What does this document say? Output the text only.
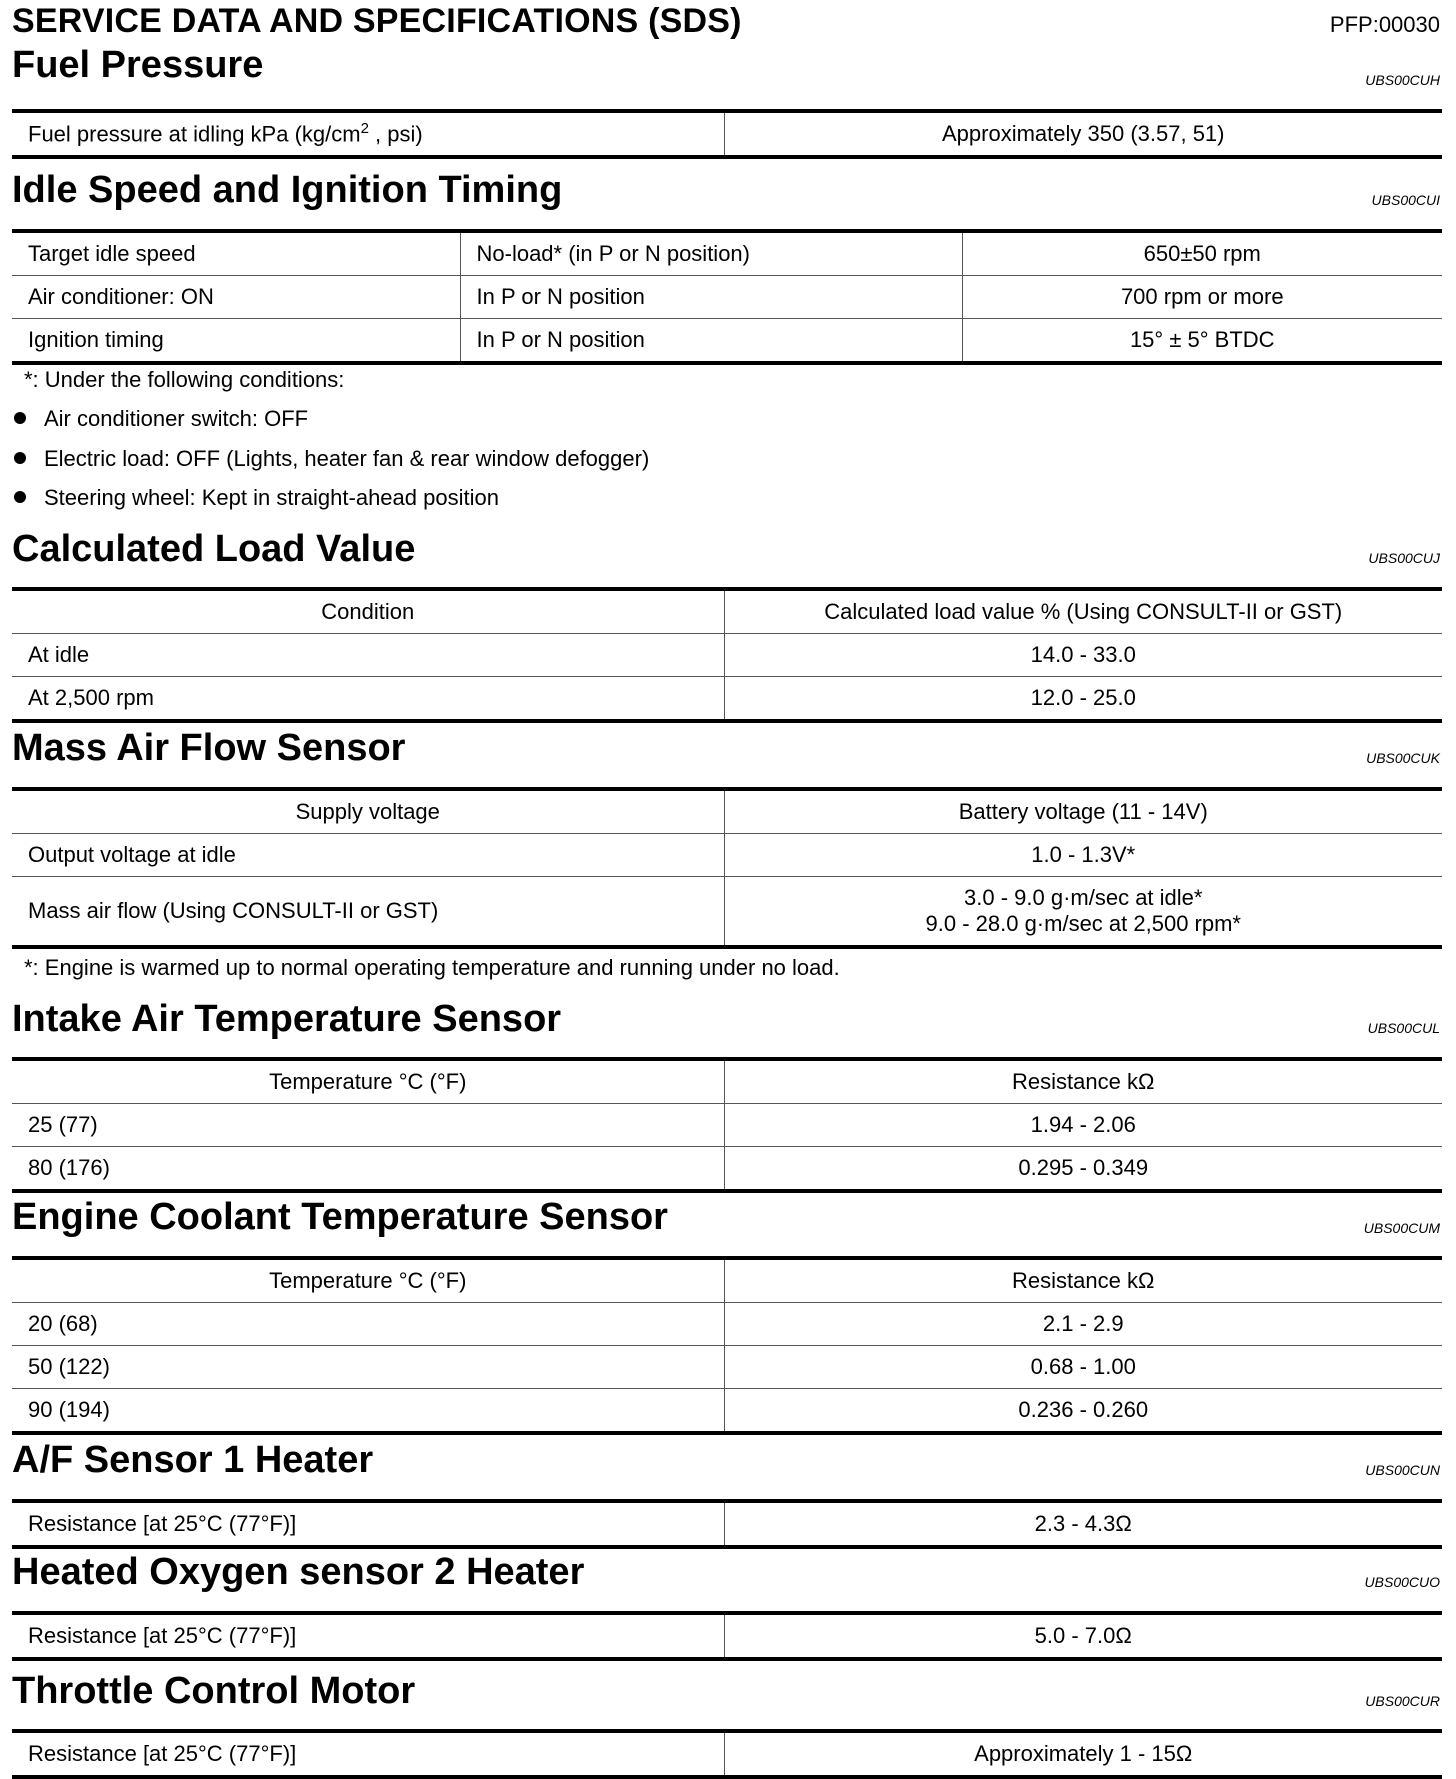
SERVICE DATA AND SPECIFICATIONS (SDS)	PFP:00030
Fuel Pressure	UBS00CUH
Fuel pressure at idling kPa ($kg/cm^2$ , psi)	Approximately 350 (3.57, 51)
Idle Speed and Ignition Timing	UBS00CUI
Target idle speed	No-load* (in P or N position)	650±50 rpm
Air conditioner: ON	In P or N position	700 rpm or more
Ignition timing	In P or N position	15° ± 5° BTDC
*: Under the following conditions:
Air conditioner switch: OFF
Electric load: OFF (Lights, heater fan & rear window defogger)
Steering wheel: Kept in straight-ahead position
Calculated Load Value	UBS00CUJ
Condition	Calculated load value % (Using CONSULT-II or GST)
At idle	14.0 - 33.0
At 2,500 rpm	12.0 - 25.0
Mass Air Flow Sensor	UBS00CUK
Supply voltage	Battery voltage (11 - 14V)
Output voltage at idle	1.0 - 1.3V*
Mass air flow (Using CONSULT-II or GST)	3.0 - 9.0 g·m/sec at idle*
9.0 - 28.0 g·m/sec at 2,500 rpm*
*: Engine is warmed up to normal operating temperature and running under no load.
Intake Air Temperature Sensor	UBS00CUL
Temperature °C (°F)	Resistance kΩ
25 (77)	1.94 - 2.06
80 (176)	0.295 - 0.349
Engine Coolant Temperature Sensor	UBS00CUM
Temperature °C (°F)	Resistance kΩ
20 (68)	2.1 - 2.9
50 (122)	0.68 - 1.00
90 (194)	0.236 - 0.260
A/F Sensor 1 Heater	UBS00CUN
Resistance [at 25°C (77°F)]	2.3 - 4.3Ω
Heated Oxygen sensor 2 Heater	UBS00CUO
Resistance [at 25°C (77°F)]	5.0 - 7.0Ω
Throttle Control Motor	UBS00CUR
Resistance [at 25°C (77°F)]	Approximately 1 - 15Ω
